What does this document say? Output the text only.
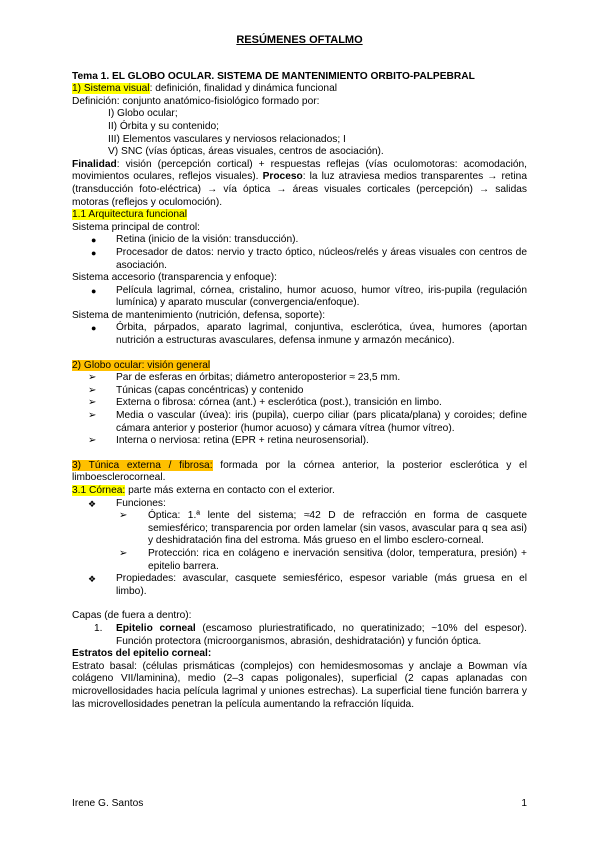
RESÚMENES OFTALMO

Tema 1. EL GLOBO OCULAR. SISTEMA DE MANTENIMIENTO ORBITO-PALPEBRAL

1) Sistema visual: definición, finalidad y dinámica funcional

Definición: conjunto anatómico-fisiológico formado por:

I) Globo ocular;
II) Órbita y su contenido;
III) Elementos vasculares y nerviosos relacionados; I
V) SNC (vías ópticas, áreas visuales, centros de asociación).

Finalidad: visión (percepción cortical) + respuestas reflejas (vías oculomotoras: acomodación, movimientos oculares, reflejos visuales). Proceso: la luz atraviesa medios transparentes → retina (transducción foto-eléctrica) → vía óptica → áreas visuales corticales (percepción) → salidas motoras (reflejos y oculomoción).

1.1 Arquitectura funcional

Sistema principal de control:

● Retina (inicio de la visión: transducción).
● Procesador de datos: nervio y tracto óptico, núcleos/relés y áreas visuales con centros de asociación.

Sistema accesorio (transparencia y enfoque):

● Película lagrimal, córnea, cristalino, humor acuoso, humor vítreo, iris-pupila (regulación lumínica) y aparato muscular (convergencia/enfoque).

Sistema de mantenimiento (nutrición, defensa, soporte):

● Órbita, párpados, aparato lagrimal, conjuntiva, esclerótica, úvea, humores (aportan nutrición a estructuras avasculares, defensa inmune y armazón mecánico).

2) Globo ocular: visión general

➢ Par de esferas en órbitas; diámetro anteroposterior ≈ 23,5 mm.
➢ Túnicas (capas concéntricas) y contenido
➢ Externa o fibrosa: córnea (ant.) + esclerótica (post.), transición en limbo.
➢ Media o vascular (úvea): iris (pupila), cuerpo ciliar (pars plicata/plana) y coroides; define cámara anterior y posterior (humor acuoso) y cámara vítrea (humor vítreo).
➢ Interna o nerviosa: retina (EPR + retina neurosensorial).

3) Túnica externa / fibrosa: formada por la córnea anterior, la posterior esclerótica y el limboesclerocorneal.

3.1 Córnea: parte más externa en contacto con el exterior.

❖ Funciones:
➢ Óptica: 1.ª lente del sistema; ≈42 D de refracción en forma de casquete semiesférico; transparencia por orden lamelar (sin vasos, avascular para q sea asi) y deshidratación fina del estroma. Más grueso en el limbo esclero-corneal.
➢ Protección: rica en colágeno e inervación sensitiva (dolor, temperatura, presión) + epitelio barrera.
❖ Propiedades: avascular, casquete semiesférico, espesor variable (más gruesa en el limbo).

Capas (de fuera a dentro):

1. Epitelio corneal (escamoso pluriestratificado, no queratinizado; ~10% del espesor). Función protectora (microorganismos, abrasión, deshidratación) y función óptica.

Estratos del epitelio corneal:

Estrato basal: (células prismáticas (complejos) con hemidesmosomas y anclaje a Bowman vía colágeno VII/laminina), medio (2–3 capas poligonales), superficial (2 capas aplanadas con microvellosidades hacia película lagrimal y uniones estrechas). La superficial tiene función barrera y las microvellosidades penetran la película aumentando la refracción líquida.

Irene G. Santos	1
